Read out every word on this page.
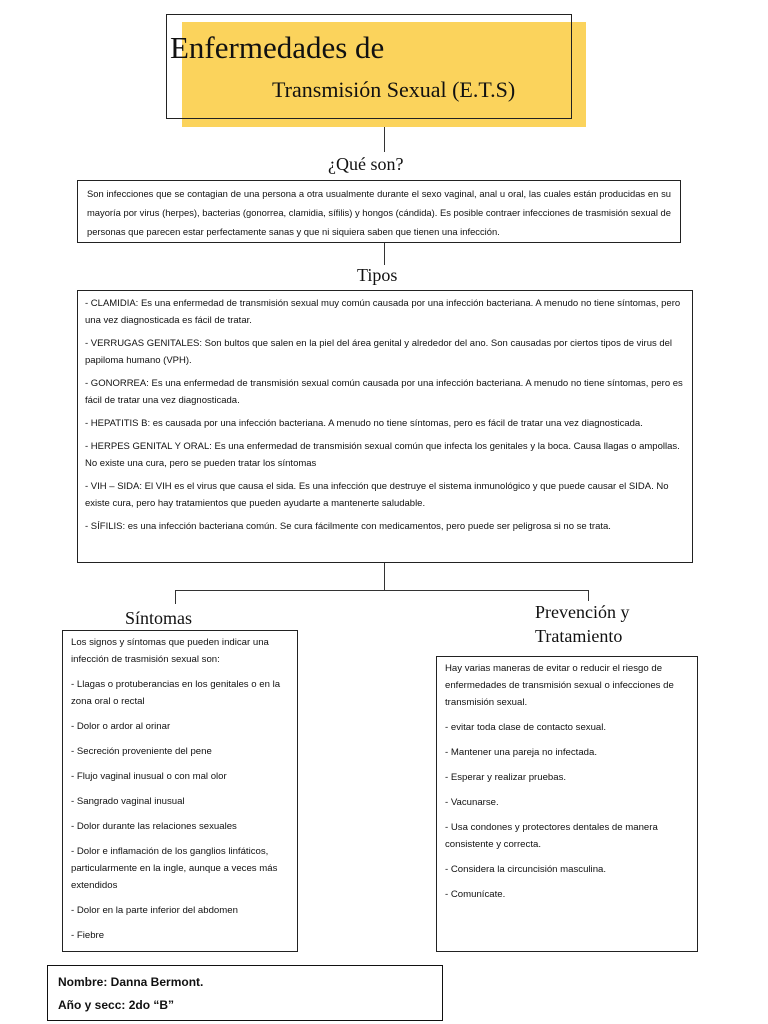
Enfermedades de
Transmisión Sexual (E.T.S)
¿Qué son?
Son infecciones que se contagian de una persona a otra usualmente durante el sexo vaginal, anal u oral, las cuales están producidas en su mayoría por virus (herpes), bacterias (gonorrea, clamidia, sífilis) y hongos (cándida). Es posible contraer infecciones de trasmisión sexual de personas que parecen estar perfectamente sanas y que ni siquiera saben que tienen una infección.
Tipos

- CLAMIDIA: Es una enfermedad de transmisión sexual muy común causada por una infección bacteriana. A menudo no tiene síntomas, pero una vez diagnosticada es fácil de tratar.

- VERRUGAS GENITALES: Son bultos que salen en la piel del área genital y alrededor del ano. Son causadas por ciertos tipos de virus del papiloma humano (VPH).

- GONORREA: Es una enfermedad de transmisión sexual común causada por una infección bacteriana. A menudo no tiene síntomas, pero es fácil de tratar una vez diagnosticada.

- HEPATITIS B: es causada por una infección bacteriana. A menudo no tiene síntomas, pero es fácil de tratar una vez diagnosticada.

- HERPES GENITAL Y ORAL: Es una enfermedad de transmisión sexual común que infecta los genitales y la boca. Causa llagas o ampollas. No existe una cura, pero se pueden tratar los síntomas

- VIH – SIDA: El VIH es el virus que causa el sida. Es una infección que destruye el sistema inmunológico y que puede causar el SIDA. No existe cura, pero hay tratamientos que pueden ayudarte a mantenerte saludable.

- SÍFILIS: es una infección bacteriana común. Se cura fácilmente con medicamentos, pero puede ser peligrosa si no se trata.

Síntomas

Los signos y síntomas que pueden indicar una infección de trasmisión sexual son:

- Llagas o protuberancias en los genitales o en la zona oral o rectal

- Dolor o ardor al orinar

- Secreción proveniente del pene

- Flujo vaginal inusual o con mal olor

- Sangrado vaginal inusual

- Dolor durante las relaciones sexuales

- Dolor e inflamación de los ganglios linfáticos, particularmente en la ingle, aunque a veces más extendidos

- Dolor en la parte inferior del abdomen

- Fiebre

Prevención y
Tratamiento

Hay varias maneras de evitar o reducir el riesgo de enfermedades de transmisión sexual o infecciones de transmisión sexual.

- evitar toda clase de contacto sexual.

- Mantener una pareja no infectada.

- Esperar y realizar pruebas.

- Vacunarse.

- Usa condones y protectores dentales de manera consistente y correcta.

- Considera la circuncisión masculina.

- Comunícate.

Nombre: Danna Bermont.

Año y secc: 2do “B”
